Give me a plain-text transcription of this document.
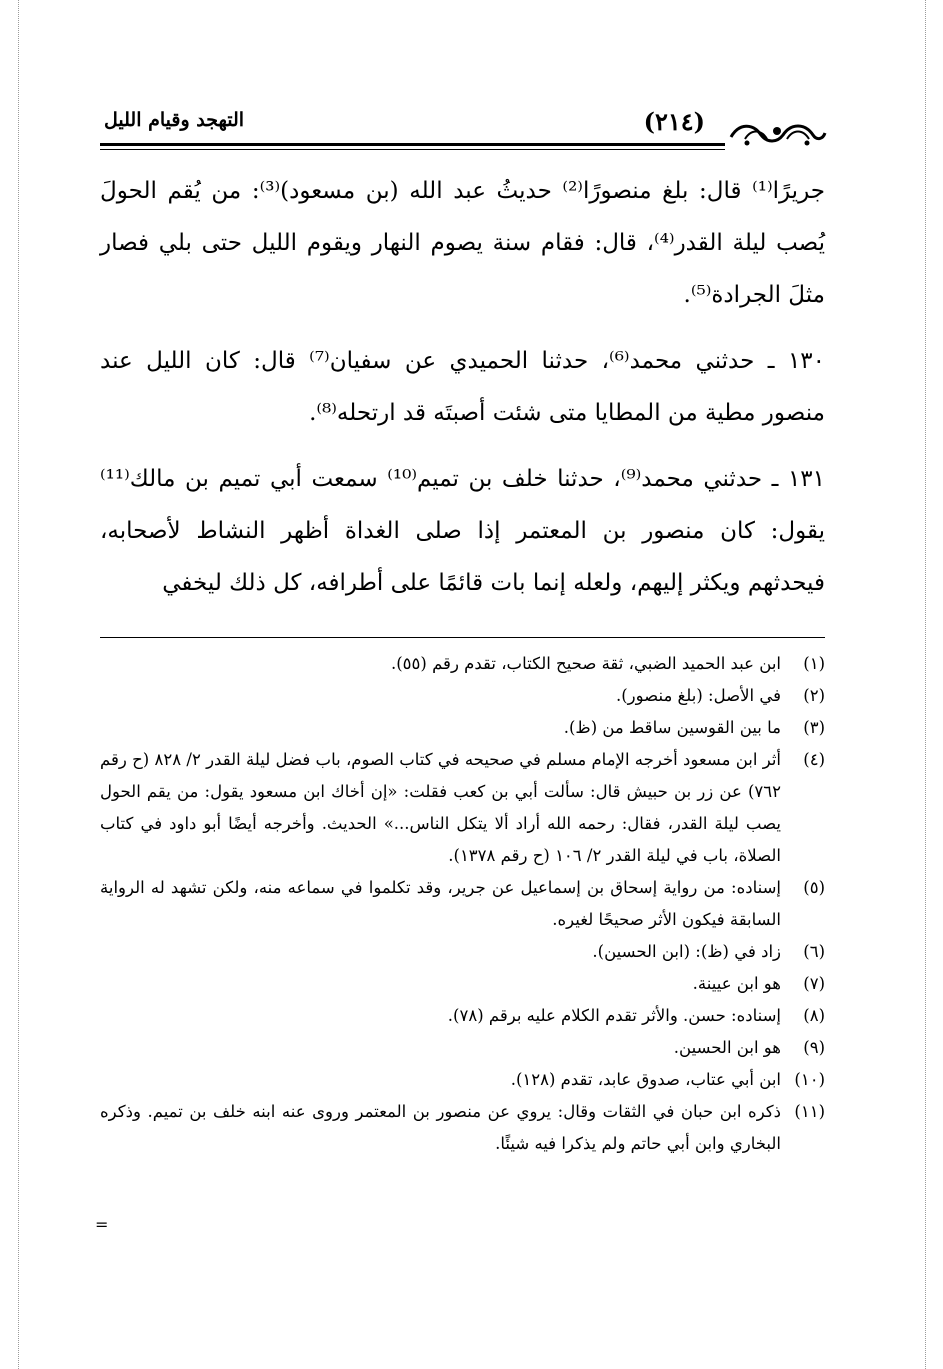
(٢١٤)
التهجد وقيام الليل

جريرًا⁽¹⁾ قال: بلغ منصورًا⁽²⁾ حديثُ عبد الله (بن مسعود)⁽³⁾: من يُقم الحولَ يُصب ليلة القدر⁽⁴⁾، قال: فقام سنة يصوم النهار ويقوم الليل حتى بلي فصار مثلَ الجرادة⁽⁵⁾.

١٣٠ ـ حدثني محمد⁽⁶⁾، حدثنا الحميدي عن سفيان⁽⁷⁾ قال: كان الليل عند منصور مطية من المطايا متى شئت أصبتَه قد ارتحله⁽⁸⁾.

١٣١ ـ حدثني محمد⁽⁹⁾، حدثنا خلف بن تميم⁽¹⁰⁾ سمعت أبي تميم بن مالك⁽¹¹⁾ يقول: كان منصور بن المعتمر إذا صلى الغداة أظهر النشاط لأصحابه، فيحدثهم ويكثر إليهم، ولعله إنما بات قائمًا على أطرافه، كل ذلك ليخفي

(١)
ابن عبد الحميد الضبي، ثقة صحيح الكتاب، تقدم رقم (٥٥).
(٢)
في الأصل: (بلغ منصور).
(٣)
ما بين القوسين ساقط من (ظ).
(٤)
أثر ابن مسعود أخرجه الإمام مسلم في صحيحه في كتاب الصوم، باب فضل ليلة القدر ٢/ ٨٢٨ (ح رقم ٧٦٢) عن زر بن حبيش قال: سألت أبي بن كعب فقلت: «إن أخاك ابن مسعود يقول: من يقم الحول يصب ليلة القدر، فقال: رحمه الله أراد ألا يتكل الناس...» الحديث. وأخرجه أيضًا أبو داود في كتاب الصلاة، باب في ليلة القدر ٢/ ١٠٦ (ح رقم ١٣٧٨).
(٥)
إسناده: من رواية إسحاق بن إسماعيل عن جرير، وقد تكلموا في سماعه منه، ولكن تشهد له الرواية السابقة فيكون الأثر صحيحًا لغيره.
(٦)
زاد في (ظ): (ابن الحسين).
(٧)
هو ابن عيينة.
(٨)
إسناده: حسن. والأثر تقدم الكلام عليه برقم (٧٨).
(٩)
هو ابن الحسين.
(١٠)
ابن أبي عتاب، صدوق عابد، تقدم (١٢٨).
(١١)
ذكره ابن حبان في الثقات وقال: يروي عن منصور بن المعتمر وروى عنه ابنه خلف بن تميم. وذكره البخاري وابن أبي حاتم ولم يذكرا فيه شيئًا.
=
